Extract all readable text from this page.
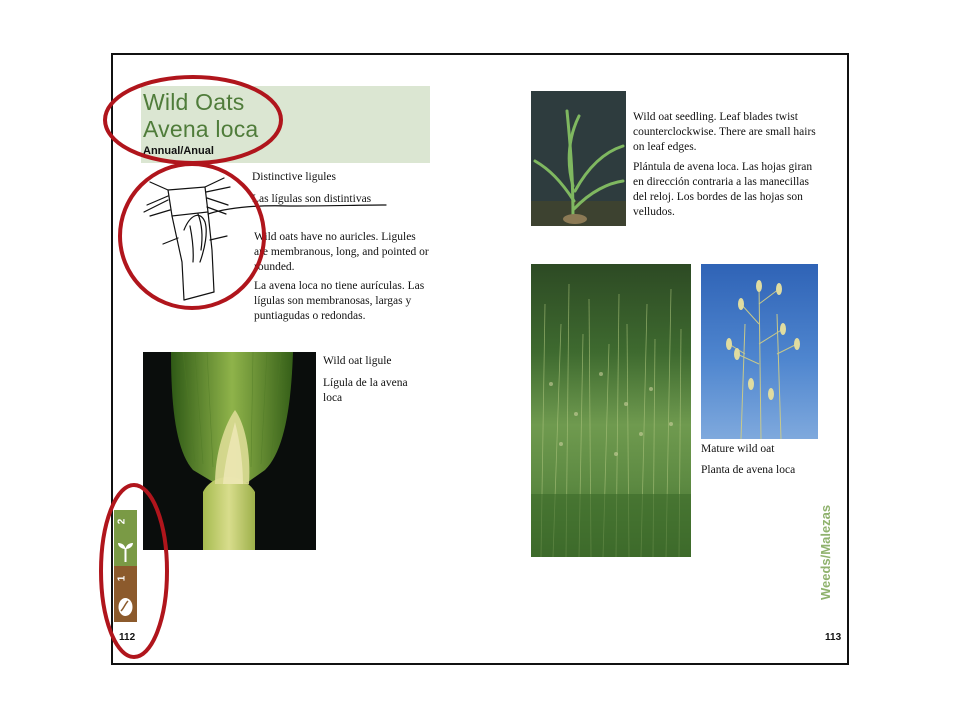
Wild Oats
Avena loca
Annual/Anual
Distinctive ligules
Las lígulas son distintivas

Wild oats have no auricles. Ligules are membranous, long, and pointed or rounded.

La avena loca no tiene aurículas. Las lígulas son membranosas, largas y puntiagudas o redondas.

Wild oat ligule

Lígula de la avena loca

Wild oat seedling. Leaf blades twist counterclockwise. There are small hairs on leaf edges.

Plántula de avena loca. Las hojas giran en dirección contraria a las manecillas del reloj. Los bordes de las hojas son velludos.

Mature wild oat
Planta de avena loca
2
1
112	113
Weeds/Malezas
